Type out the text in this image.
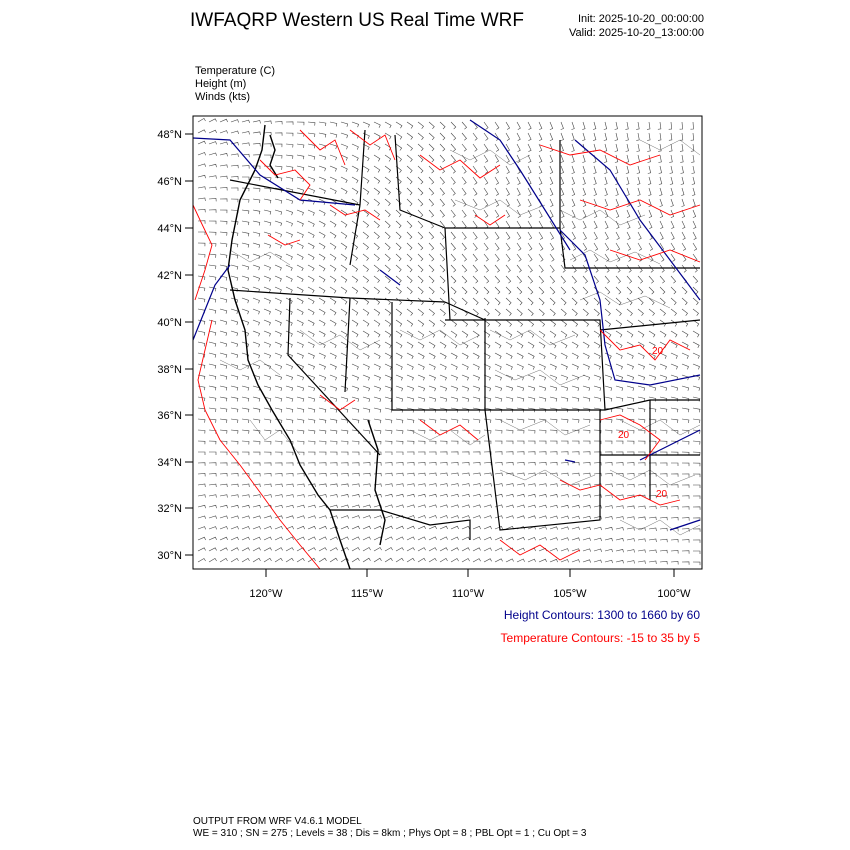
IWFAQRP Western US Real Time WRF	Init: 2025-10-20_00:00:00
Valid: 2025-10-20_13:00:00
Temperature (C)
Height (m)
Winds (kts)
20
20
20
48°N
46°N
44°N
42°N
40°N
38°N
36°N
34°N
32°N
30°N
120°W	115°W	110°W	105°W	100°W
Height Contours: 1300 to 1660 by 60
Temperature Contours: -15 to 35 by 5
OUTPUT FROM WRF V4.6.1 MODEL
WE = 310 ; SN = 275 ; Levels = 38 ; Dis = 8km ; Phys Opt = 8 ; PBL Opt = 1 ; Cu Opt = 3
